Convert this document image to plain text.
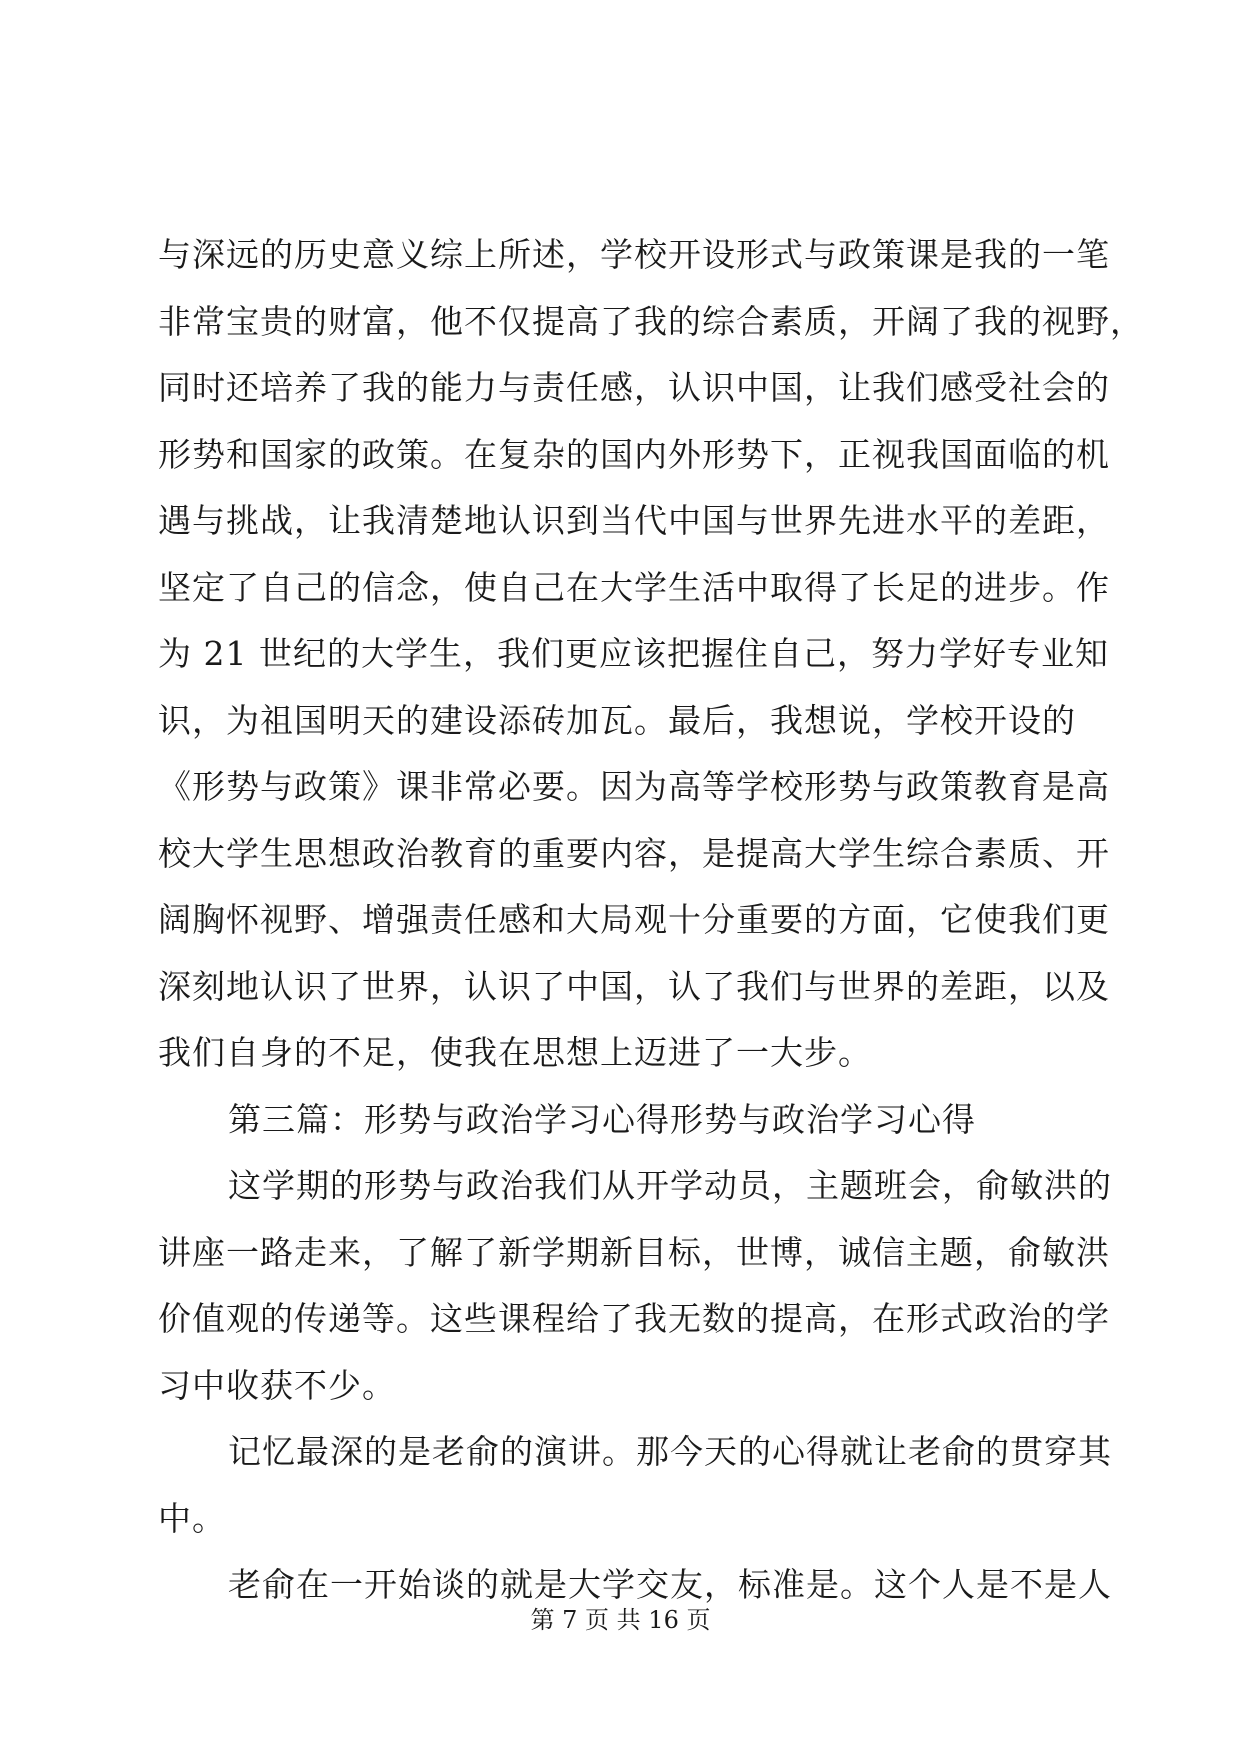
与深远的历史意义综上所述，学校开设形式与政策课是我的一笔
非常宝贵的财富，他不仅提高了我的综合素质，开阔了我的视野，
同时还培养了我的能力与责任感，认识中国，让我们感受社会的
形势和国家的政策。在复杂的国内外形势下，正视我国面临的机
遇与挑战，让我清楚地认识到当代中国与世界先进水平的差距，
坚定了自己的信念，使自己在大学生活中取得了长足的进步。作
为 21 世纪的大学生，我们更应该把握住自己，努力学好专业知
识，为祖国明天的建设添砖加瓦。最后，我想说，学校开设的
《形势与政策》课非常必要。因为高等学校形势与政策教育是高
校大学生思想政治教育的重要内容，是提高大学生综合素质、开
阔胸怀视野、增强责任感和大局观十分重要的方面，它使我们更
深刻地认识了世界，认识了中国，认了我们与世界的差距，以及
我们自身的不足，使我在思想上迈进了一大步。
第三篇：形势与政治学习心得形势与政治学习心得
这学期的形势与政治我们从开学动员，主题班会，俞敏洪的
讲座一路走来，了解了新学期新目标，世博，诚信主题，俞敏洪
价值观的传递等。这些课程给了我无数的提高，在形式政治的学
习中收获不少。
记忆最深的是老俞的演讲。那今天的心得就让老俞的贯穿其
中。
老俞在一开始谈的就是大学交友，标准是。这个人是不是人
第 7 页 共 16 页
